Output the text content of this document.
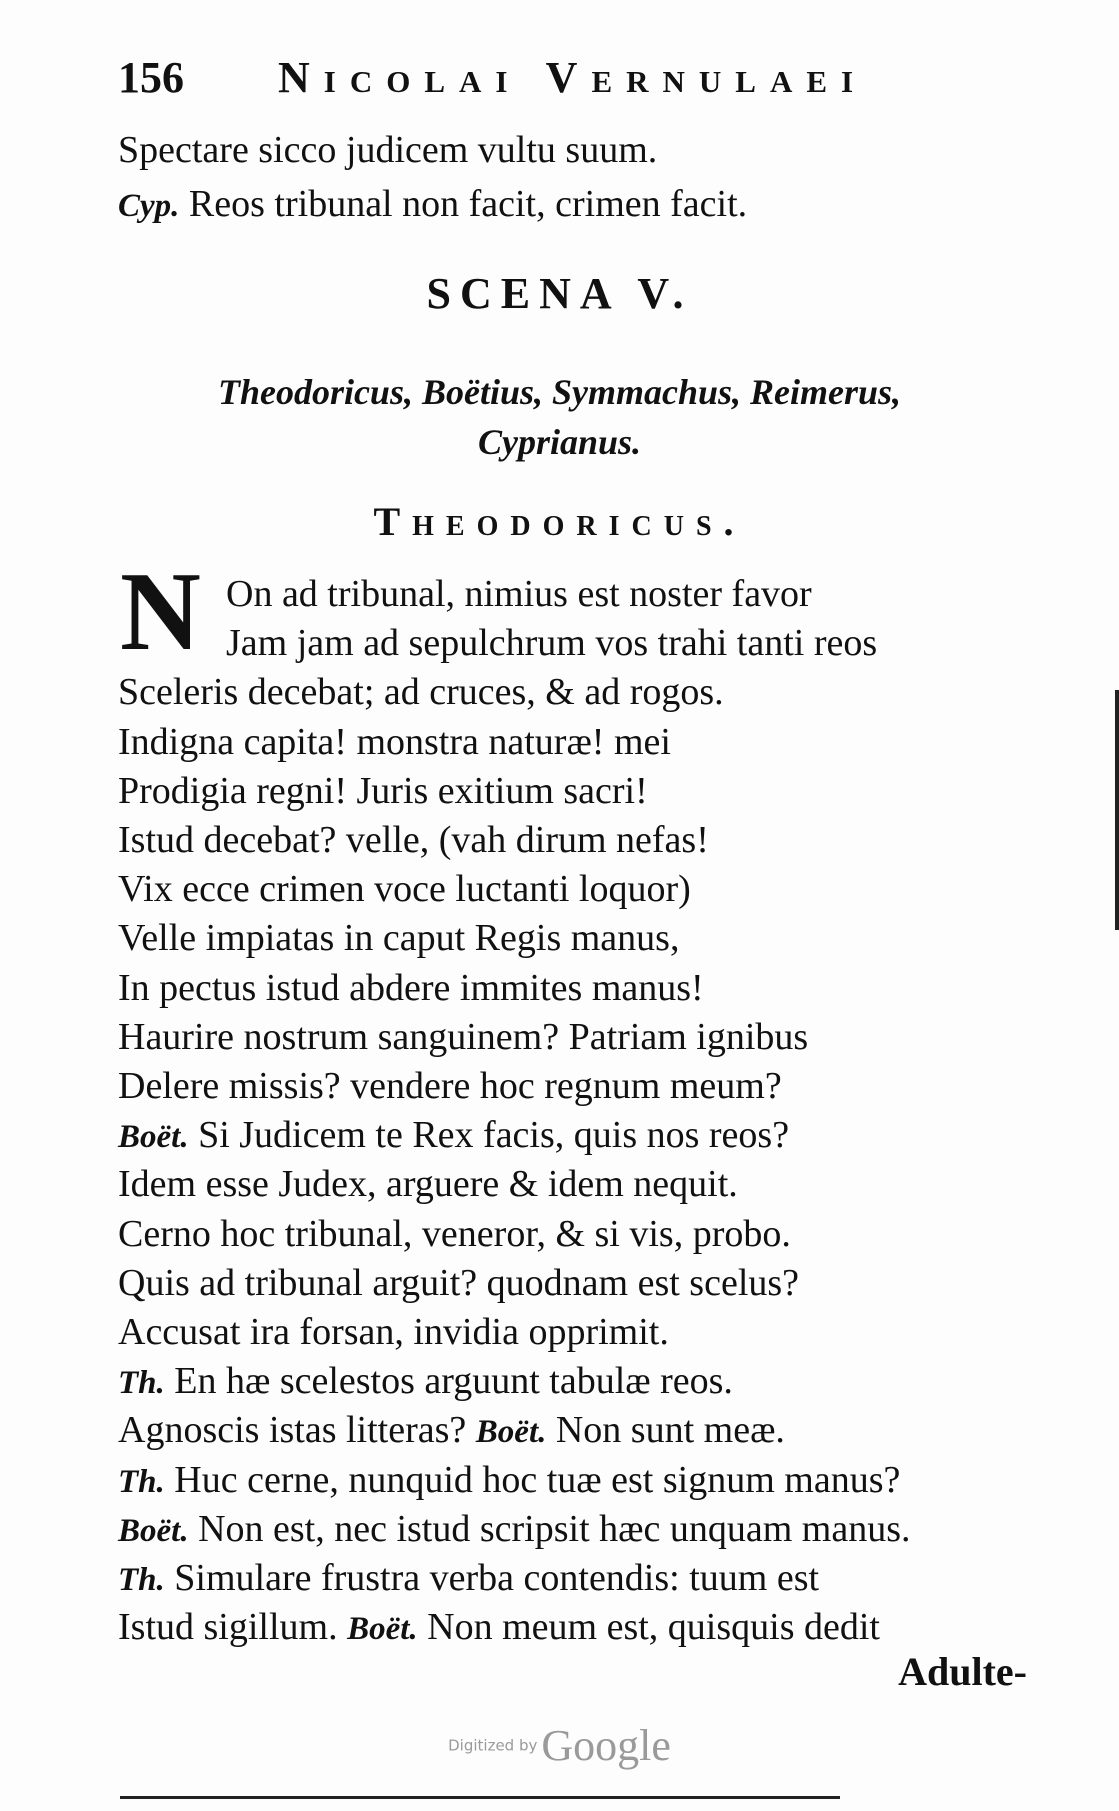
156 Nicolai Vernulaei
Spectare sicco judicem vultu suum.
Cyp. Reos tribunal non facit, crimen facit.
SCENA V.
Theodoricus, Boëtius, Symmachus, Reimerus,
Cyprianus.
Theodoricus.
N On ad tribunal, nimius est noster favor
Jam jam ad sepulchrum vos trahi tanti reos
Sceleris decebat; ad cruces, & ad rogos.
Indigna capita! monstra naturæ! mei
Prodigia regni! Juris exitium sacri!
Istud decebat? velle, (vah dirum nefas!
Vix ecce crimen voce luctanti loquor)
Velle impiatas in caput Regis manus,
In pectus istud abdere immites manus!
Haurire nostrum sanguinem? Patriam ignibus
Delere missis? vendere hoc regnum meum?
Boët. Si Judicem te Rex facis, quis nos reos?
Idem esse Judex, arguere & idem nequit.
Cerno hoc tribunal, veneror, & si vis, probo.
Quis ad tribunal arguit? quodnam est scelus?
Accusat ira forsan, invidia opprimit.
Th. En hæ scelestos arguunt tabulæ reos.
Agnoscis istas litteras? Boët. Non sunt meæ.
Th. Huc cerne, nunquid hoc tuæ est signum manus?
Boët. Non est, nec istud scripsit hæc unquam manus.
Th. Simulare frustra verba contendis: tuum est
Istud sigillum. Boët. Non meum est, quisquis dedit
Adulte-
Digitized by Google
